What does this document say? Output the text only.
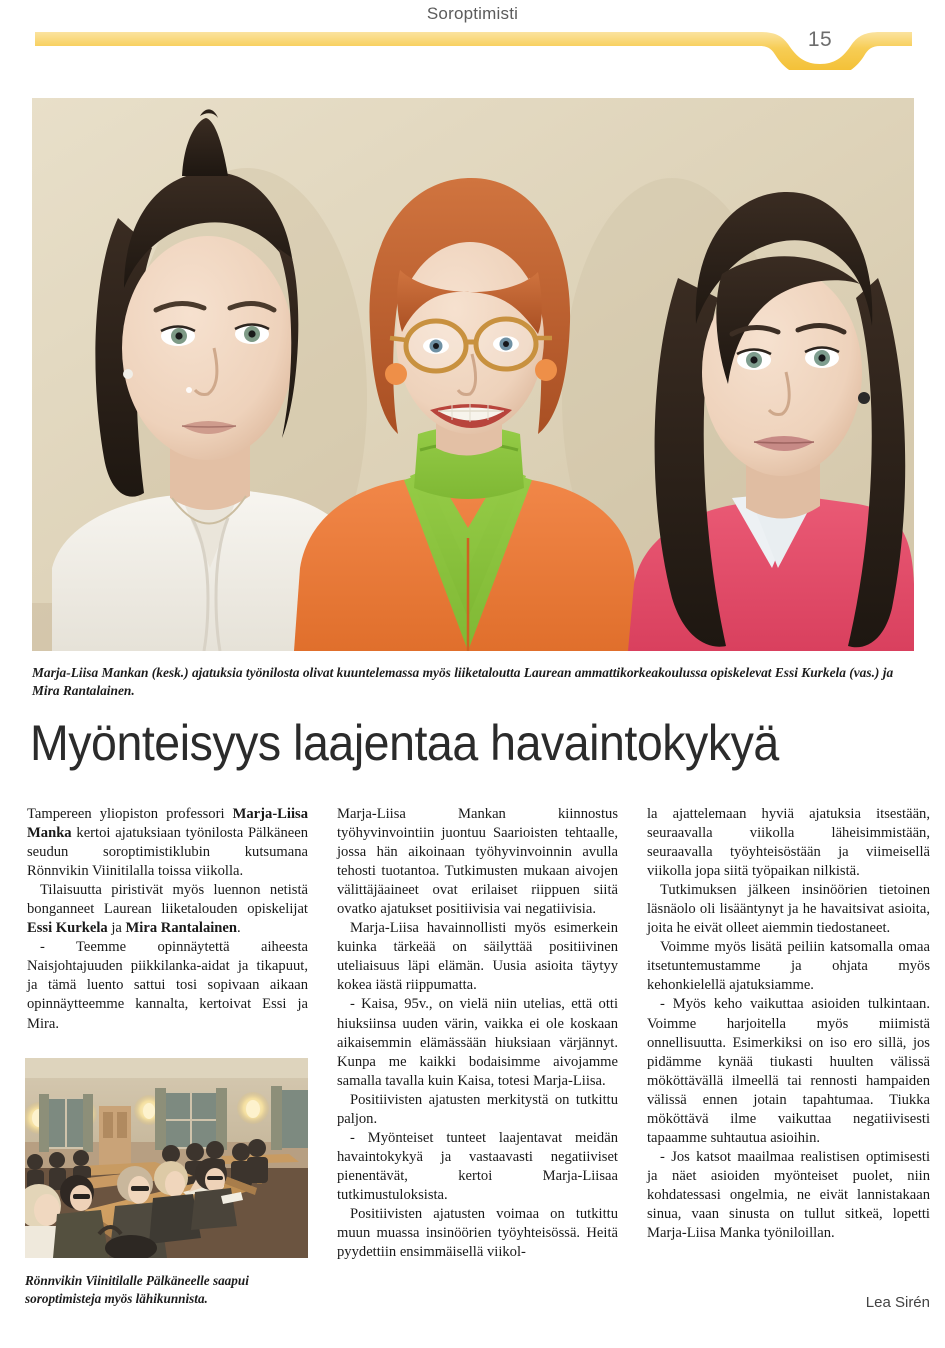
Soroptimisti
15
Marja-Liisa Mankan (kesk.) ajatuksia työnilosta olivat kuuntelemassa myös liiketaloutta Laurean ammattikorkeakoulussa opiskelevat Essi Kurkela (vas.) ja Mira Rantalainen.
Myönteisyys laajentaa havaintokykyä

Tampereen yliopiston professori Marja-Liisa Manka kertoi ajatuksiaan työnilosta Pälkäneen seudun soroptimistiklubin kutsumana Rönnvikin Viinitilalla toissa viikolla.

Tilaisuutta piristivät myös luennon netistä bonganneet Laurean liiketalouden opiskelijat Essi Kurkela ja Mira Rantalainen.

- Teemme opinnäytettä aiheesta Naisjohtajuuden piikkilanka-aidat ja tikapuut, ja tämä luento sattui tosi sopivaan aikaan opinnäytteemme kannalta, kertoivat Essi ja Mira.

Marja-Liisa Mankan kiinnostus työhyvinvointiin juontuu Saarioisten tehtaalle, jossa hän aikoinaan työhyvinvoinnin avulla tehosti tuotantoa. Tutkimusten mukaan aivojen välittäjäaineet ovat erilaiset riippuen siitä ovatko ajatukset positiivisia vai negatiivisia.

Marja-Liisa havainnollisti myös esimerkein kuinka tärkeää on säilyttää positiivinen uteliaisuus läpi elämän. Uusia asioita täytyy kokea iästä riippumatta.

- Kaisa, 95v., on vielä niin utelias, että otti hiuksiinsa uuden värin, vaikka ei ole koskaan aikaisemmin elämässään hiuksiaan värjännyt. Kunpa me kaikki bodaisimme aivojamme samalla tavalla kuin Kaisa, totesi Marja-Liisa.

Positiivisten ajatusten merkitystä on tutkittu paljon.

- Myönteiset tunteet laajentavat meidän havaintokykyä ja vastaavasti negatiiviset pienentävät, kertoi Marja-Liisaa tutkimustuloksista.

Positiivisten ajatusten voimaa on tutkittu muun muassa insinöörien työyhteisössä. Heitä pyydettiin ensimmäisellä viikol-

la ajattelemaan hyviä ajatuksia itsestään, seuraavalla viikolla läheisimmistään, seuraavalla työyhteisöstään ja viimeisellä viikolla jopa siitä työpaikan nilkistä.

Tutkimuksen jälkeen insinöörien tietoinen läsnäolo oli lisääntynyt ja he havaitsivat asioita, joita he eivät olleet aiemmin tiedostaneet.

Voimme myös lisätä peiliin katsomalla omaa itsetuntemustamme ja ohjata myös kehonkielellä ajatuksiamme.

- Myös keho vaikuttaa asioiden tulkintaan. Voimme harjoitella myös miimistä onnellisuutta. Esimerkiksi on iso ero sillä, jos pidämme kynää tiukasti huulten välissä mököttävällä ilmeellä tai rennosti hampaiden välissä ennen jotain tapahtumaa. Tiukka mököttävä ilme vaikuttaa negatiivisesti tapaamme suhtautua asioihin.

- Jos katsot maailmaa realistisen optimisesti ja näet asioiden myönteiset puolet, niin kohdatessasi ongelmia, ne eivät lannistakaan sinua, vaan sinusta on tullut sitkeä, lopetti Marja-Liisa Manka työniloillan.

Rönnvikin Viinitilalle Pälkäneelle saapui soroptimisteja myös lähikunnista.	Lea Sirén
